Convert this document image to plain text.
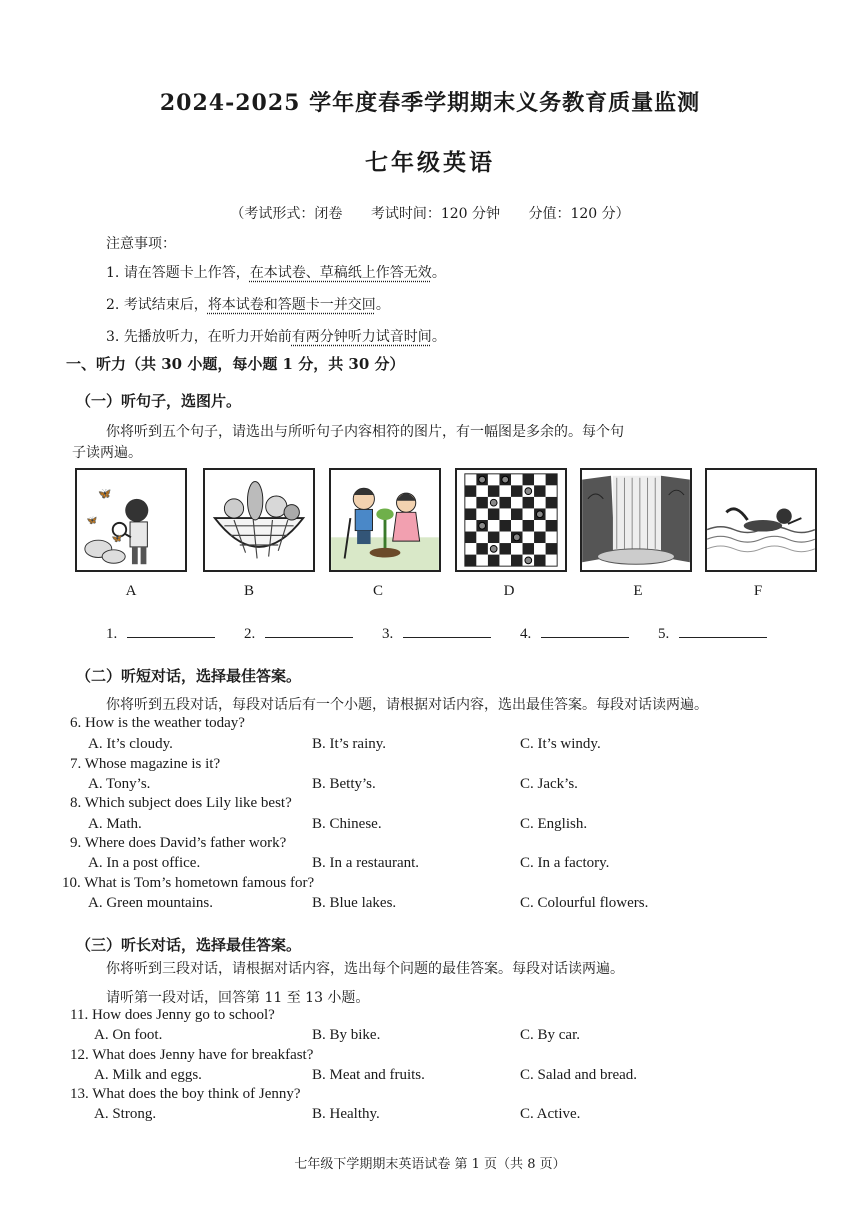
2024-2025 学年度春季学期期末义务教育质量监测
七年级英语
（考试形式：闭卷 考试时间：120 分钟 分值：120 分）
注意事项：
1. 请在答题卡上作答，在本试卷、草稿纸上作答无效。
2. 考试结束后，将本试卷和答题卡一并交回。
3. 先播放听力，在听力开始前有两分钟听力试音时间。
一、听力（共 30 小题，每小题 1 分，共 30 分）
（一）听句子，选图片。
你将听到五个句子，请选出与所听句子内容相符的图片，有一幅图是多余的。每个句
子读两遍。
🦋
🦋
🦋
A	B	C	D	E	F
1.	2.	3.	4.	5.
（二）听短对话，选择最佳答案。
你将听到五段对话，每段对话后有一个小题，请根据对话内容，选出最佳答案。每段对话读两遍。
6. How is the weather today?
A. It’s cloudy.	B. It’s rainy.	C. It’s windy.
7. Whose magazine is it?
A. Tony’s.	B. Betty’s.	C. Jack’s.
8. Which subject does Lily like best?
A. Math.	B. Chinese.	C. English.
9. Where does David’s father work?
A. In a post office.	B. In a restaurant.	C. In a factory.
10. What is Tom’s hometown famous for?
A. Green mountains.	B. Blue lakes.	C. Colourful flowers.
（三）听长对话，选择最佳答案。
你将听到三段对话，请根据对话内容，选出每个问题的最佳答案。每段对话读两遍。
请听第一段对话，回答第 11 至 13 小题。
11. How does Jenny go to school?
A. On foot.	B. By bike.	C. By car.
12. What does Jenny have for breakfast?
A. Milk and eggs.	B. Meat and fruits.	C. Salad and bread.
13. What does the boy think of Jenny?
A. Strong.	B. Healthy.	C. Active.
七年级下学期期末英语试卷 第 1 页（共 8 页）
